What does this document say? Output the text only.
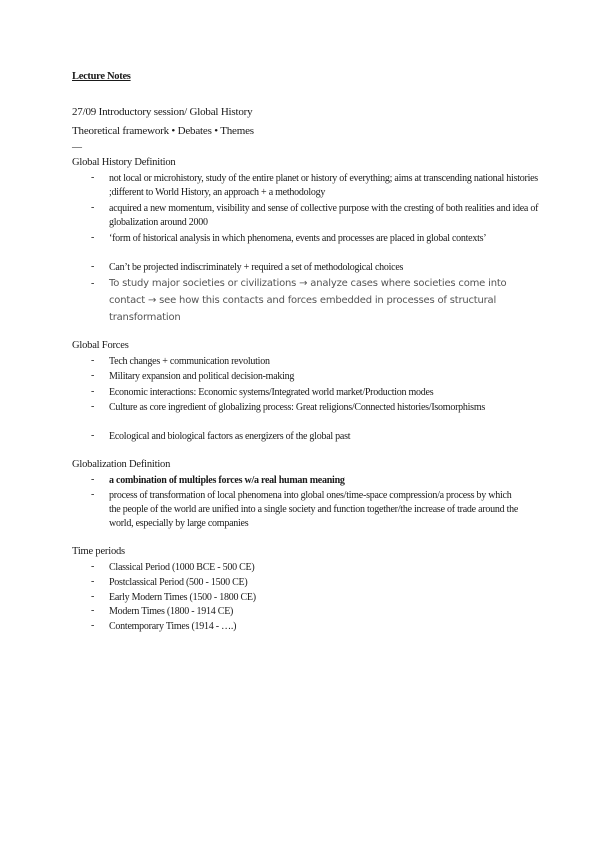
Lecture Notes
27/09 Introductory session/ Global History
Theoretical framework • Debates • Themes
—
Global History Definition
- not local or microhistory, study of the entire planet or history of everything; aims at transcending national histories ;different to World History, an approach + a methodology
- acquired a new momentum, visibility and sense of collective purpose with the cresting of both realities and idea of globalization around 2000
- ‘form of historical analysis in which phenomena, events and processes are placed in global contexts’
- Can’t be projected indiscriminately + required a set of methodological choices
- To study major societies or civilizations → analyze cases where societies come into contact → see how this contacts and forces embedded in processes of structural transformation
Global Forces
- Tech changes + communication revolution
- Military expansion and political decision-making
- Economic interactions: Economic systems/Integrated world market/Production modes
- Culture as core ingredient of globalizing process: Great religions/Connected histories/Isomorphisms
- Ecological and biological factors as energizers of the global past
Globalization Definition
- a combination of multiples forces w/a real human meaning
- process of transformation of local phenomena into global ones/time-space compression/a process by which the people of the world are unified into a single society and function together/the increase of trade around the world, especially by large companies
Time periods
- Classical Period (1000 BCE - 500 CE)
- Postclassical Period (500 - 1500 CE)
- Early Modern Times (1500 - 1800 CE)
- Modern Times (1800 - 1914 CE)
- Contemporary Times (1914 - ….)
